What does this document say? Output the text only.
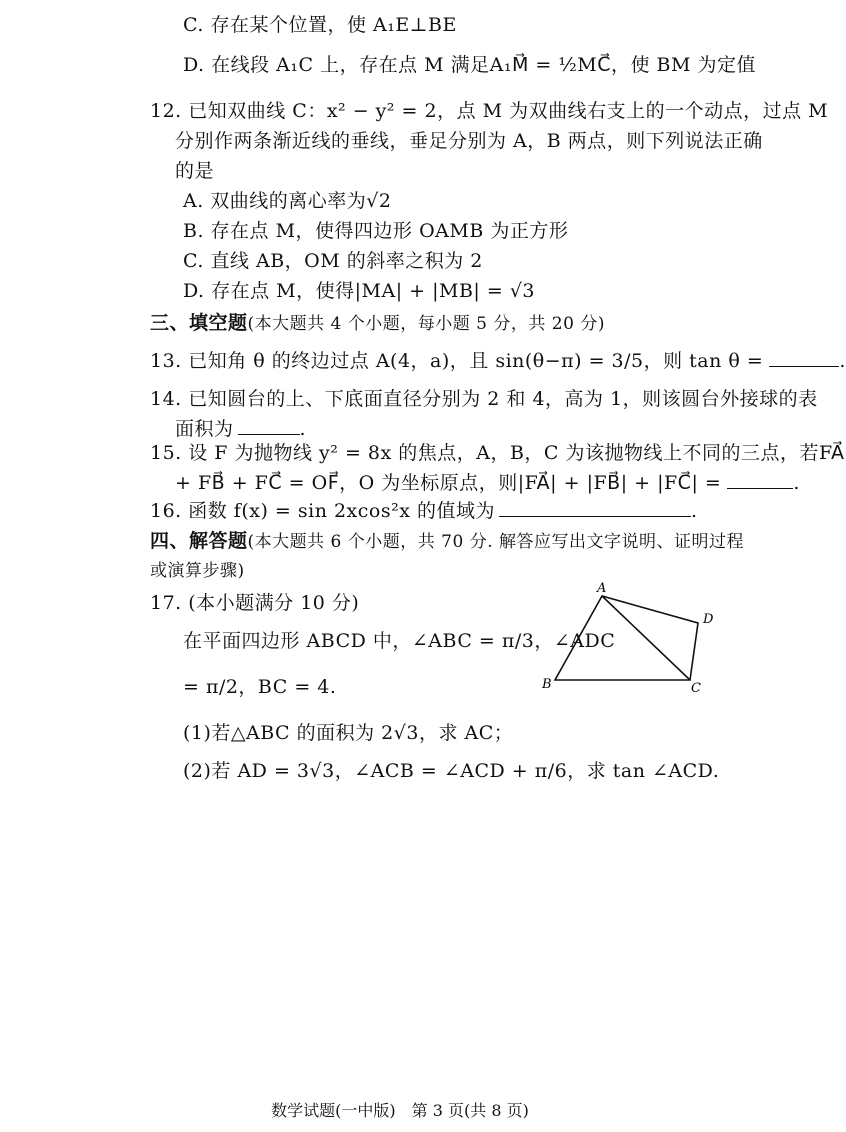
C. 存在某个位置，使 A₁E⊥BE
D. 在线段 A₁C 上，存在点 M 满足A₁M⃗ = ½MC⃗，使 BM 为定值
12. 已知双曲线 C：x² − y² = 2，点 M 为双曲线右支上的一个动点，过点 M
分别作两条渐近线的垂线，垂足分别为 A，B 两点，则下列说法正确
的是
A. 双曲线的离心率为√2
B. 存在点 M，使得四边形 OAMB 为正方形
C. 直线 AB，OM 的斜率之积为 2
D. 存在点 M，使得|MA| + |MB| = √3
三、填空题(本大题共 4 个小题，每小题 5 分，共 20 分)
13. 已知角 θ 的终边过点 A(4，a)，且 sin(θ−π) = 3/5，则 tan θ =	.
14. 已知圆台的上、下底面直径分别为 2 和 4，高为 1，则该圆台外接球的表
面积为	.
15. 设 F 为抛物线 y² = 8x 的焦点，A，B，C 为该抛物线上不同的三点，若FA⃗
+ FB⃗ + FC⃗ = OF⃗，O 为坐标原点，则|FA⃗| + |FB⃗| + |FC⃗| =	.
16. 函数 f(x) = sin 2xcos²x 的值域为	.
四、解答题(本大题共 6 个小题，共 70 分. 解答应写出文字说明、证明过程
或演算步骤)
17. (本小题满分 10 分)
在平面四边形 ABCD 中，∠ABC = π/3，∠ADC
= π/2，BC = 4.
(1)若△ABC 的面积为 2√3，求 AC；
(2)若 AD = 3√3，∠ACB = ∠ACD + π/6，求 tan ∠ACD.
A
B	C
D
数学试题(一中版)　第 3 页(共 8 页)
